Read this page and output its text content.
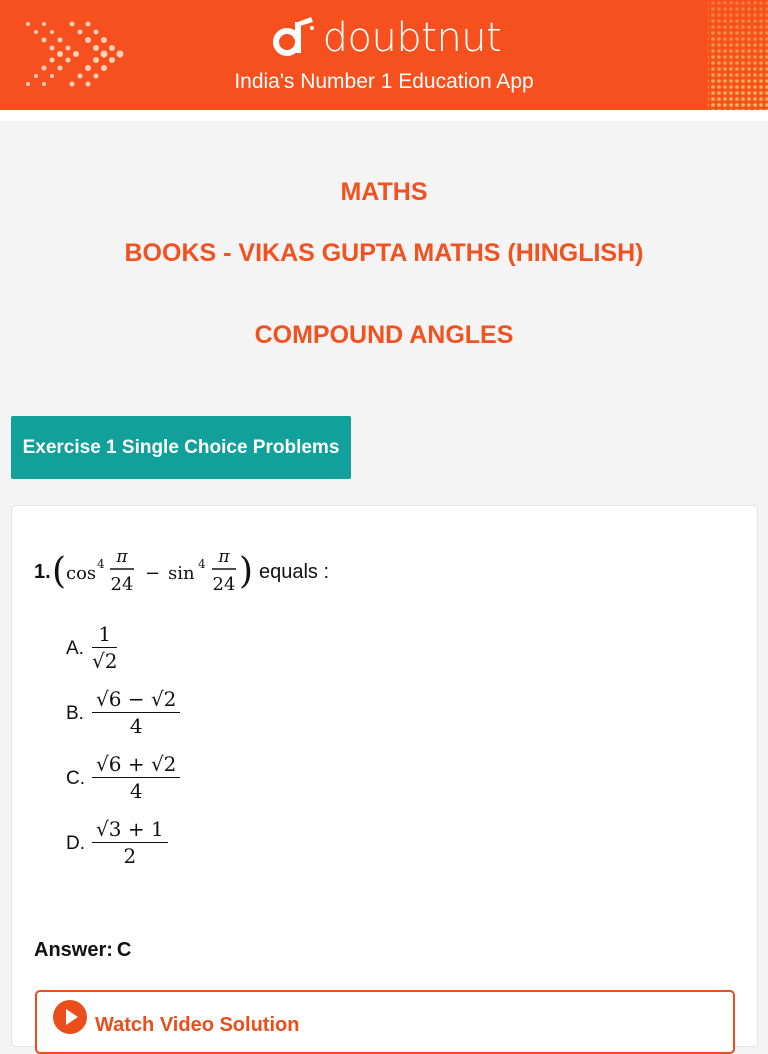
doubtnut
India's Number 1 Education App
MATHS
BOOKS - VIKAS GUPTA MATHS (HINGLISH)
COMPOUND ANGLES
Exercise 1 Single Choice Problems
1. ( cos 4 π
24
− sin 4 π
24 ) equals :
A.
1
√2
B.
√6 − √2
4
C.
√6 + √2
4
D.
√3 + 1
2
Answer: C
Watch Video Solution
